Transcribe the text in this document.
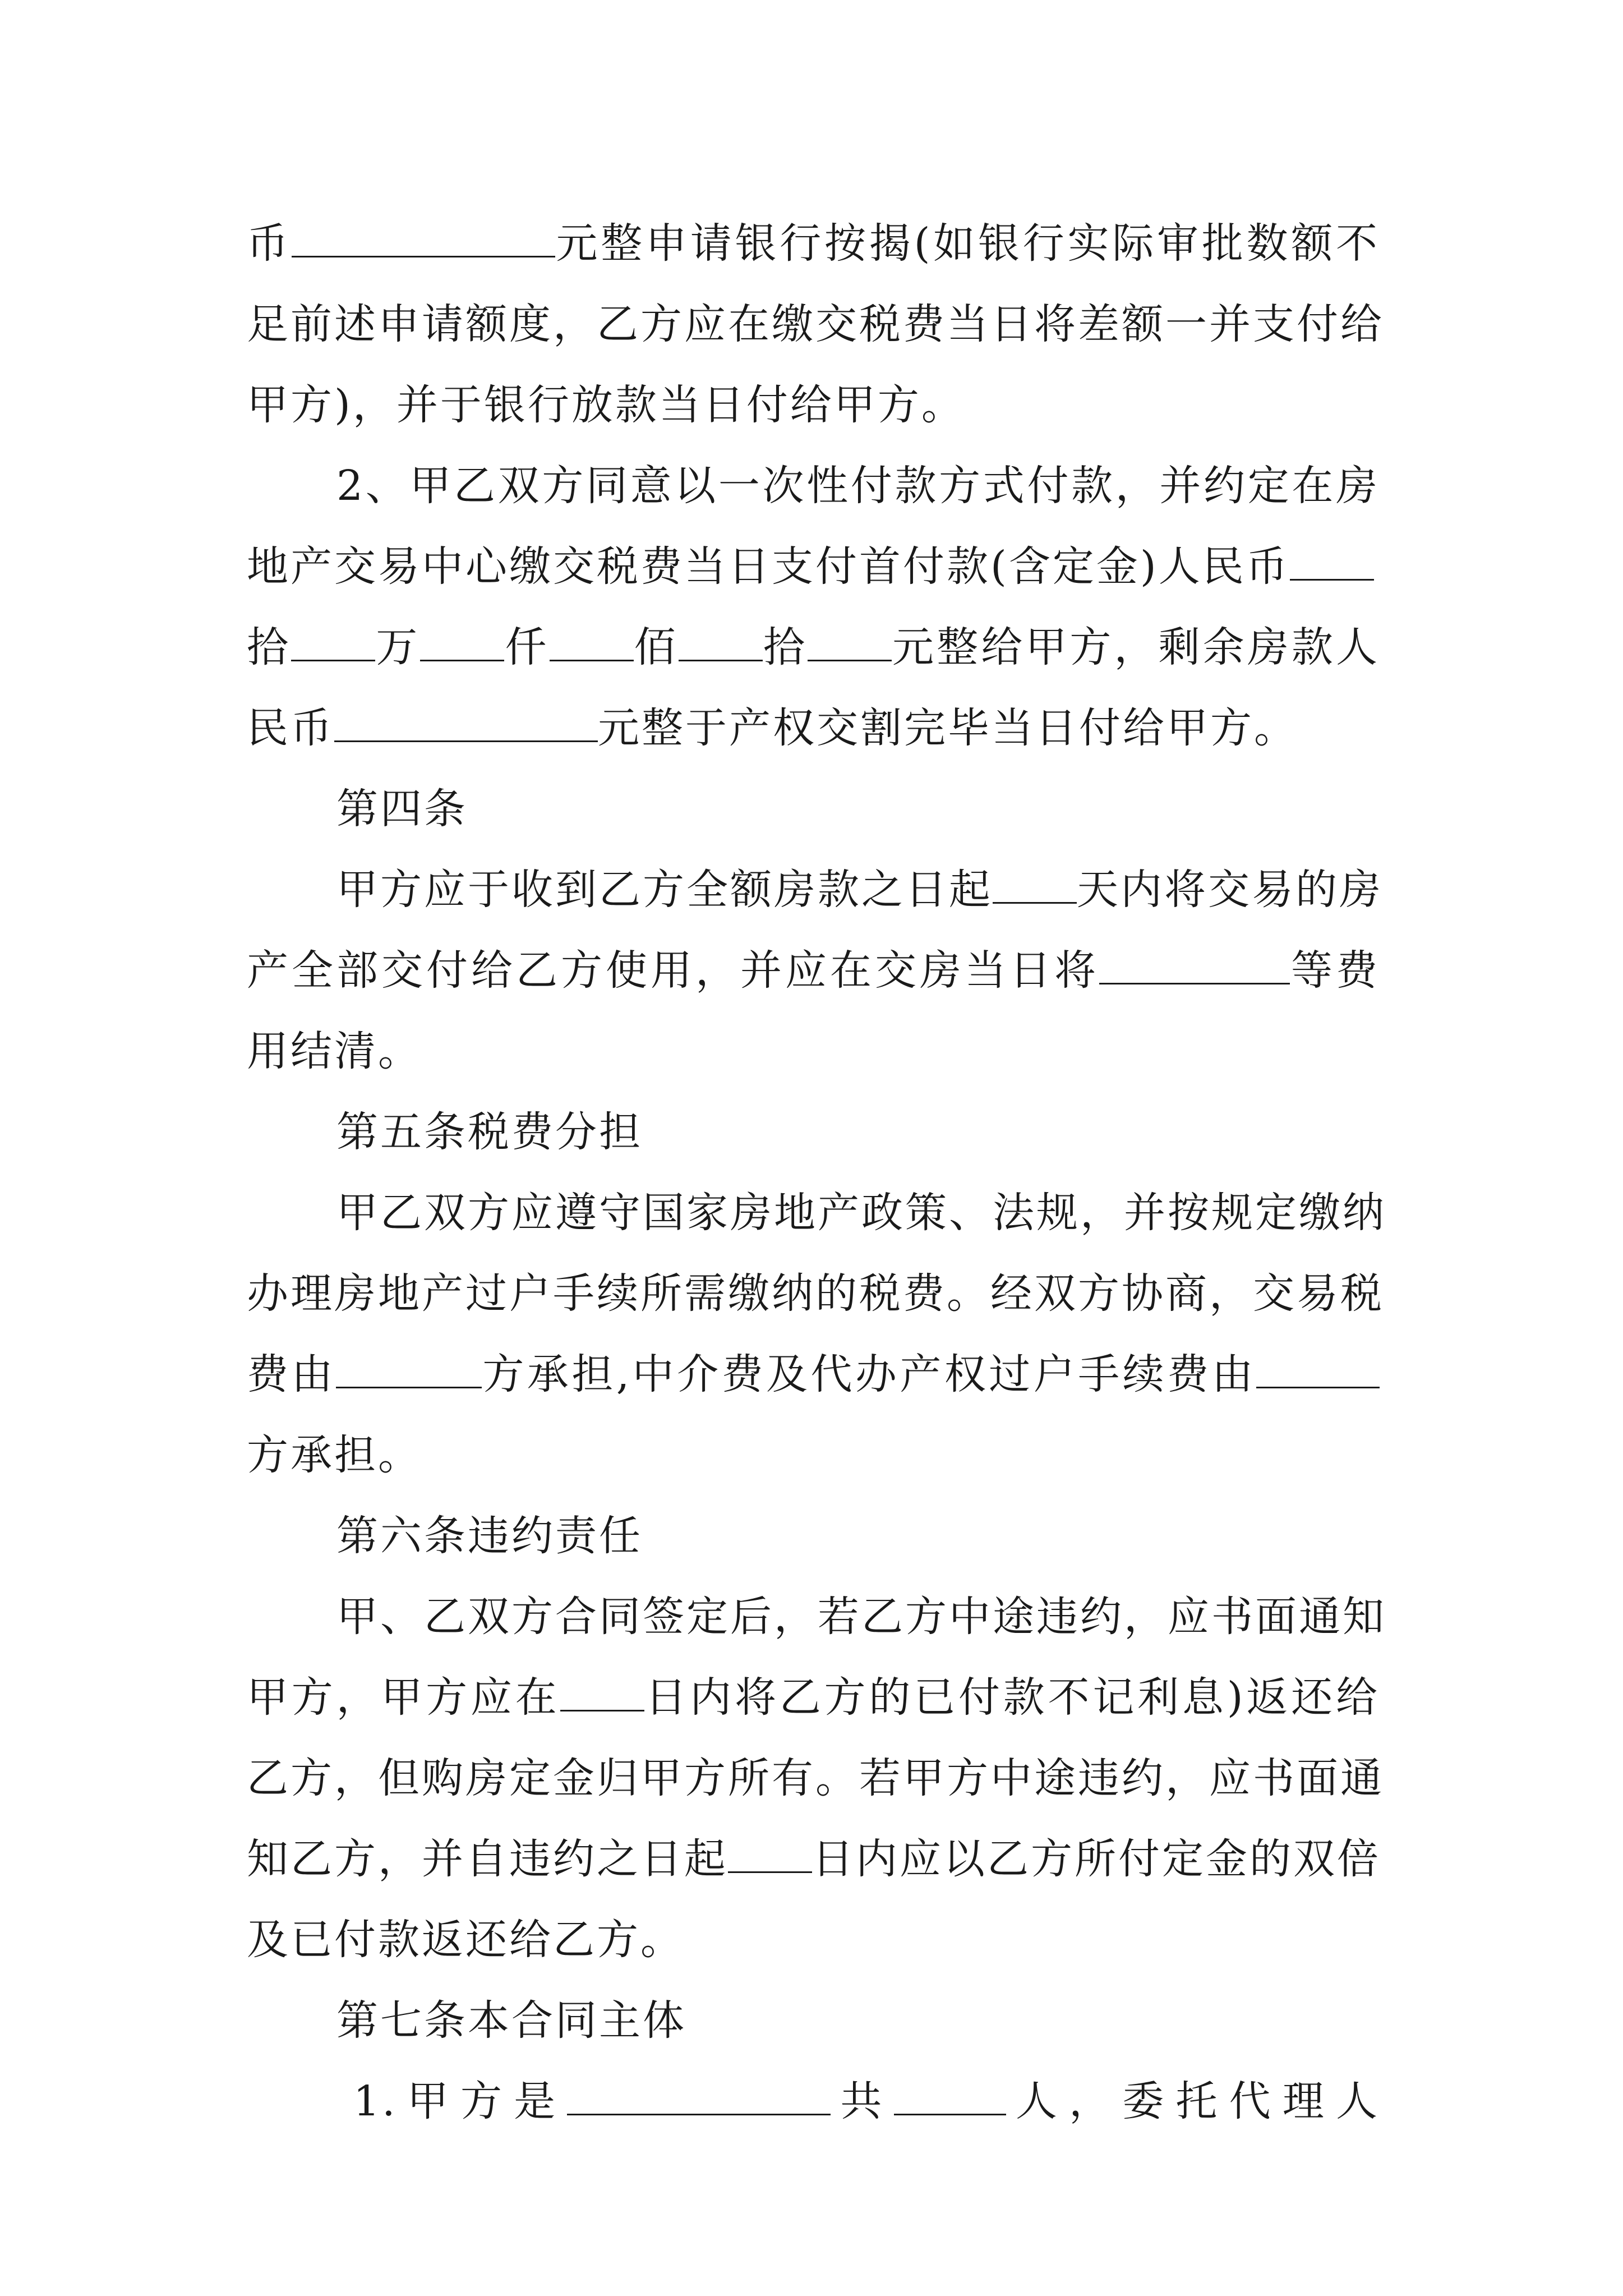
币	元整申请银行按揭(如银行实际审批数额不
足前述申请额度，乙方应在缴交税费当日将差额一并支付给
甲方)，并于银行放款当日付给甲方。
2、甲乙双方同意以一次性付款方式付款，并约定在房
地产交易中心缴交税费当日支付首付款(含定金)人民币
拾 万 仟 佰 拾 元整给甲方，剩余房款人
民币	元整于产权交割完毕当日付给甲方。
第四条
甲方应于收到乙方全额房款之日起 天内将交易的房
产全部交付给乙方使用，并应在交房当日将	等费
用结清。
第五条税费分担
甲乙双方应遵守国家房地产政策、法规，并按规定缴纳
办理房地产过户手续所需缴纳的税费。经双方协商，交易税
费由	方承担,中介费及代办产权过户手续费由
方承担。
第六条违约责任
甲、乙双方合同签定后，若乙方中途违约，应书面通知
甲方，甲方应在 日内将乙方的已付款不记利息)返还给
乙方，但购房定金归甲方所有。若甲方中途违约，应书面通
知乙方，并自违约之日起 日内应以乙方所付定金的双倍
及已付款返还给乙方。
第七条本合同主体
1.甲方是	共	人，委托代理人
